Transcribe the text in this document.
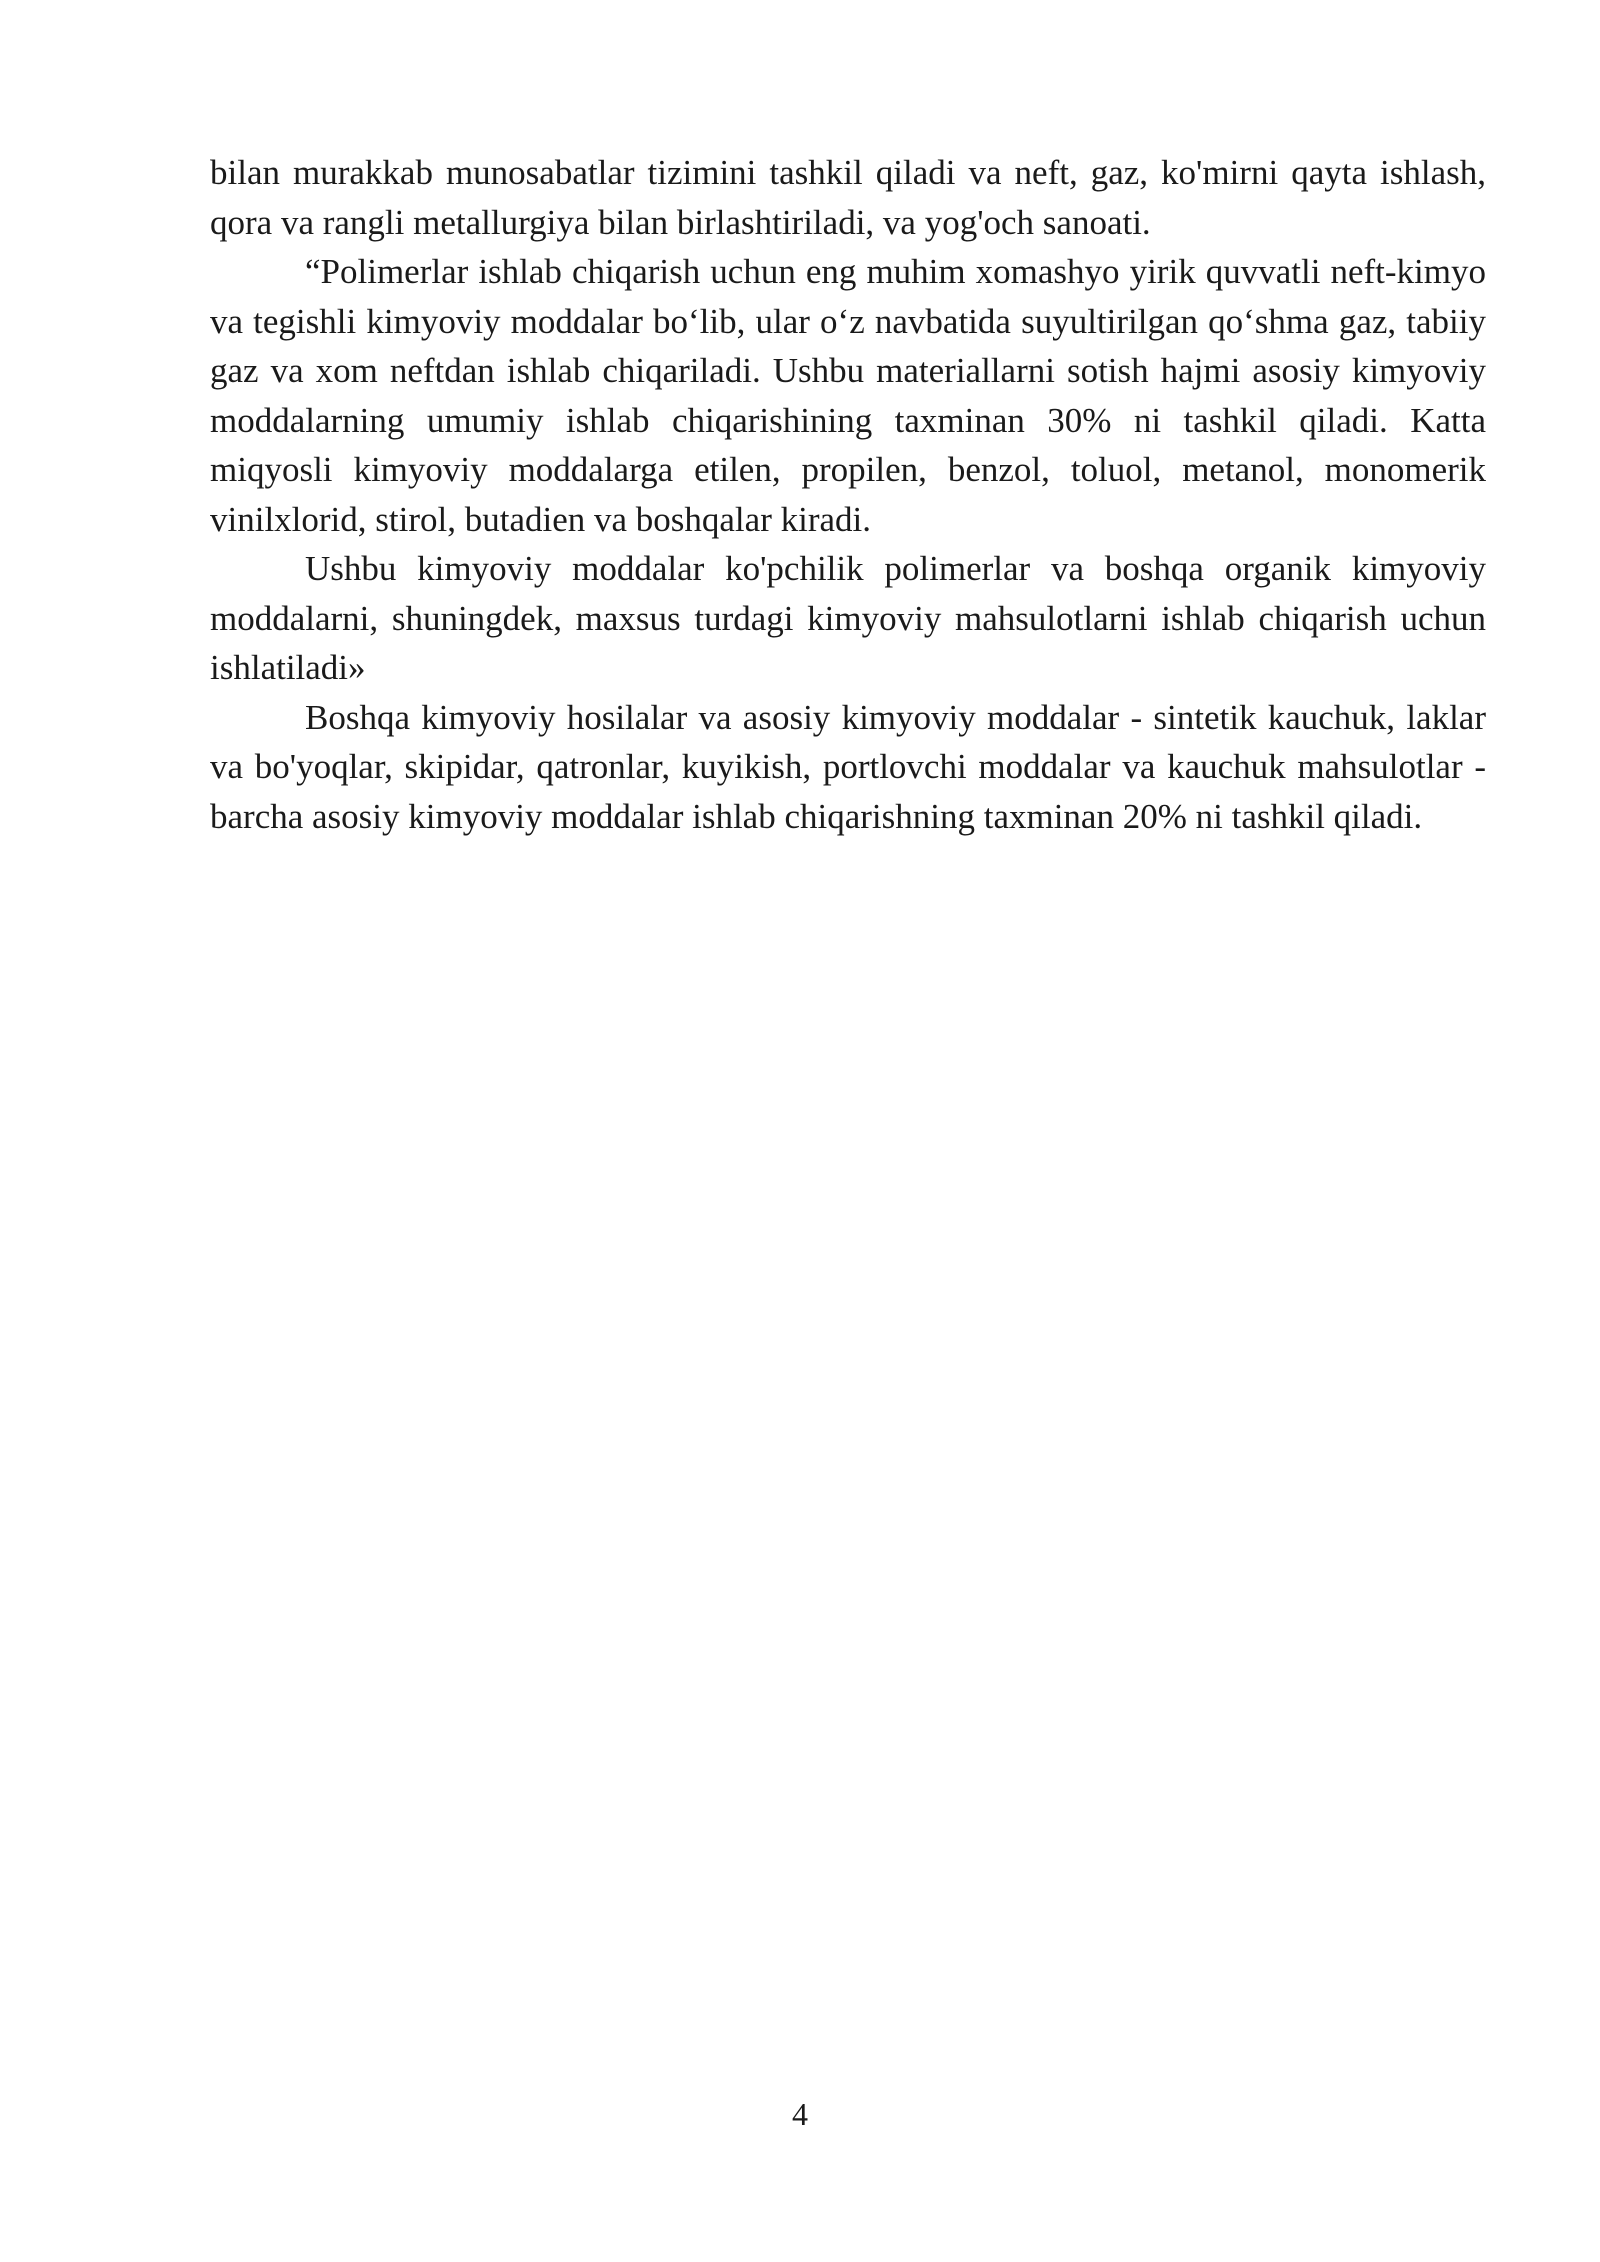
bilan murakkab munosabatlar tizimini tashkil qiladi va neft, gaz, ko'mirni qayta ishlash, qora va rangli metallurgiya bilan birlashtiriladi, va yog'och sanoati.

“Polimerlar ishlab chiqarish uchun eng muhim xomashyo yirik quvvatli neft-kimyo va tegishli kimyoviy moddalar bo‘lib, ular o‘z navbatida suyultirilgan qo‘shma gaz, tabiiy gaz va xom neftdan ishlab chiqariladi. Ushbu materiallarni sotish hajmi asosiy kimyoviy moddalarning umumiy ishlab chiqarishining taxminan 30% ni tashkil qiladi. Katta miqyosli kimyoviy moddalarga etilen, propilen, benzol, toluol, metanol, monomerik vinilxlorid, stirol, butadien va boshqalar kiradi.

Ushbu kimyoviy moddalar ko'pchilik polimerlar va boshqa organik kimyoviy moddalarni, shuningdek, maxsus turdagi kimyoviy mahsulotlarni ishlab chiqarish uchun ishlatiladi»

Boshqa kimyoviy hosilalar va asosiy kimyoviy moddalar - sintetik kauchuk, laklar va bo'yoqlar, skipidar, qatronlar, kuyikish, portlovchi moddalar va kauchuk mahsulotlar - barcha asosiy kimyoviy moddalar ishlab chiqarishning taxminan 20% ni tashkil qiladi.

4
